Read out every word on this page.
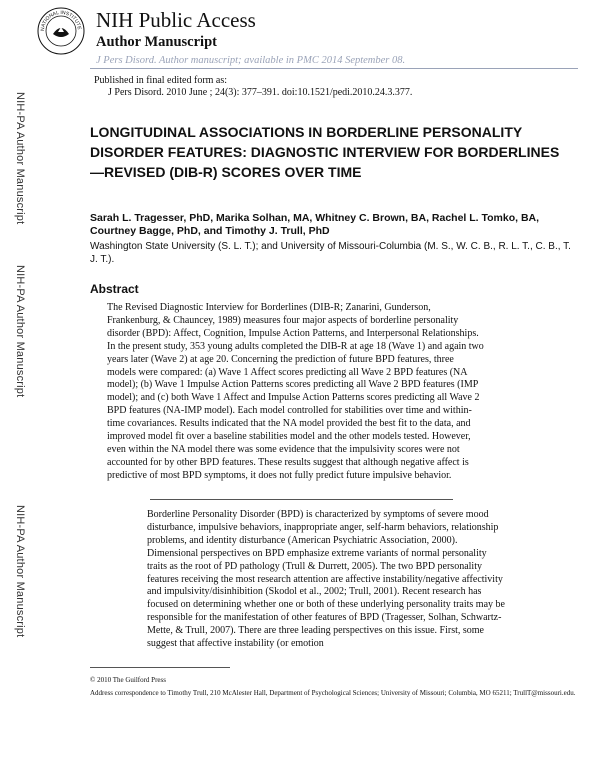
NATIONAL INSTITUTE NIH Public Access
Author Manuscript
J Pers Disord. Author manuscript; available in PMC 2014 September 08.
Published in final edited form as:
J Pers Disord. 2010 June ; 24(3): 377–391. doi:10.1521/pedi.2010.24.3.377.
NIH-PA Author Manuscript
NIH-PA Author Manuscript
NIH-PA Author Manuscript
LONGITUDINAL ASSOCIATIONS IN BORDERLINE PERSONALITY DISORDER FEATURES: DIAGNOSTIC INTERVIEW FOR BORDERLINES—REVISED (DIB-R) SCORES OVER TIME
Sarah L. Tragesser, PhD, Marika Solhan, MA, Whitney C. Brown, BA, Rachel L. Tomko, BA, Courtney Bagge, PhD, and Timothy J. Trull, PhD
Washington State University (S. L. T.); and University of Missouri-Columbia (M. S., W. C. B., R. L. T., C. B., T. J. T.).
Abstract
The Revised Diagnostic Interview for Borderlines (DIB-R; Zanarini, Gunderson, Frankenburg, & Chauncey, 1989) measures four major aspects of borderline personality disorder (BPD): Affect, Cognition, Impulse Action Patterns, and Interpersonal Relationships. In the present study, 353 young adults completed the DIB-R at age 18 (Wave 1) and again two years later (Wave 2) at age 20. Concerning the prediction of future BPD features, three models were compared: (a) Wave 1 Affect scores predicting all Wave 2 BPD features (NA model); (b) Wave 1 Impulse Action Patterns scores predicting all Wave 2 BPD features (IMP model); and (c) both Wave 1 Affect and Impulse Action Patterns scores predicting all Wave 2 BPD features (NA-IMP model). Each model controlled for stabilities over time and within-time covariances. Results indicated that the NA model provided the best fit to the data, and improved model fit over a baseline stabilities model and the other models tested. However, even within the NA model there was some evidence that the impulsivity scores were not accounted for by other BPD features. These results suggest that although negative affect is predictive of most BPD symptoms, it does not fully predict future impulsive behavior.
Borderline Personality Disorder (BPD) is characterized by symptoms of severe mood disturbance, impulsive behaviors, inappropriate anger, self-harm behaviors, relationship problems, and identity disturbance (American Psychiatric Association, 2000). Dimensional perspectives on BPD emphasize extreme variants of normal personality traits as the root of PD pathology (Trull & Durrett, 2005). The two BPD personality features receiving the most research attention are affective instability/negative affectivity and impulsivity/disinhibition (Skodol et al., 2002; Trull, 2001). Recent research has focused on determining whether one or both of these underlying personality traits may be responsible for the manifestation of other features of BPD (Tragesser, Solhan, Schwartz-Mette, & Trull, 2007). There are three leading perspectives on this issue. First, some suggest that affective instability (or emotion
© 2010 The Guilford Press
Address correspondence to Timothy Trull, 210 McAlester Hall, Department of Psychological Sciences; University of Missouri; Columbia, MO 65211; TrullT@missouri.edu.
